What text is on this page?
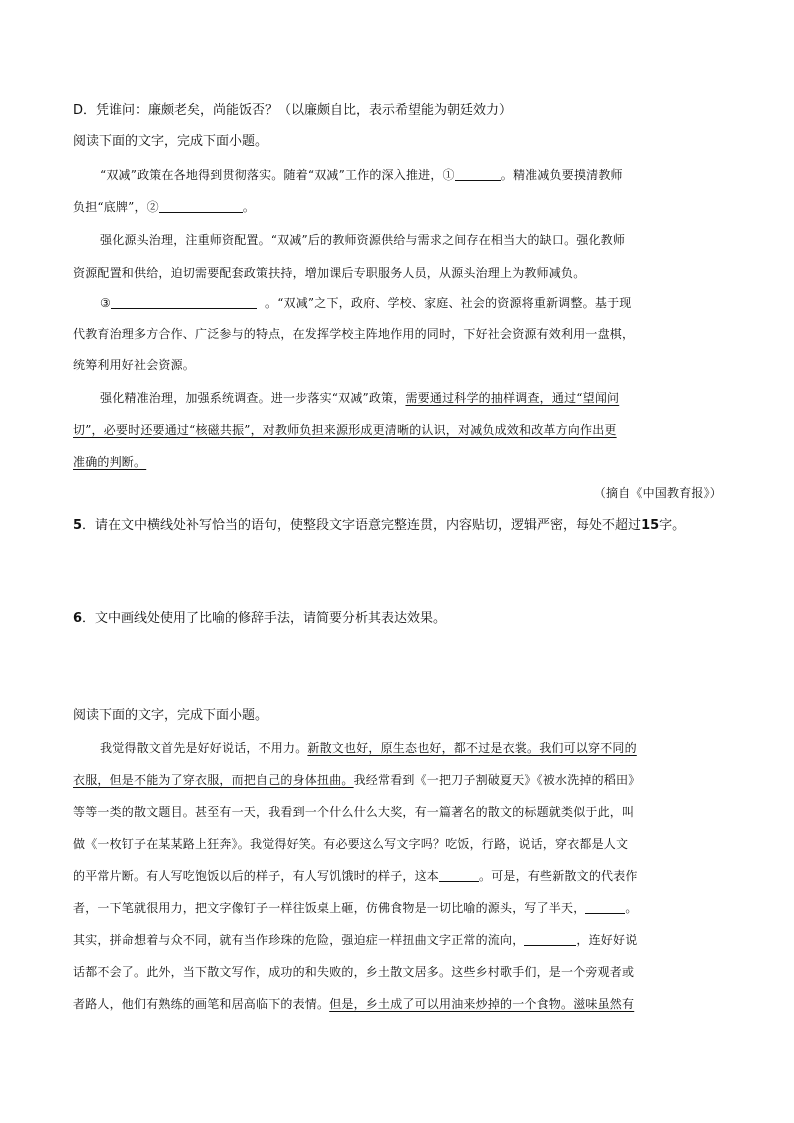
D．凭谁问：廉颇老矣，尚能饭否？（以廉颇自比，表示希望能为朝廷效力）
阅读下面的文字，完成下面小题。
“双减”政策在各地得到贯彻落实。随着“双减”工作的深入推进，①	。精准减负要摸清教师
负担“底牌”，②	。
强化源头治理，注重师资配置。“双减”后的教师资源供给与需求之间存在相当大的缺口。强化教师
资源配置和供给，迫切需要配套政策扶持，增加课后专职服务人员，从源头治理上为教师减负。
③	。“双减”之下，政府、学校、家庭、社会的资源将重新调整。基于现
代教育治理多方合作、广泛参与的特点，在发挥学校主阵地作用的同时，下好社会资源有效利用一盘棋，
统筹利用好社会资源。
强化精准治理，加强系统调查。进一步落实“双减”政策，需要通过科学的抽样调查，通过“望闻问
切”，必要时还要通过“核磁共振”，对教师负担来源形成更清晰的认识，对减负成效和改革方向作出更
准确的判断。
（摘自《中国教育报》）
5．请在文中横线处补写恰当的语句，使整段文字语意完整连贯，内容贴切，逻辑严密，每处不超过15字。
6．文中画线处使用了比喻的修辞手法，请简要分析其表达效果。
阅读下面的文字，完成下面小题。
我觉得散文首先是好好说话，不用力。新散文也好，原生态也好，都不过是衣裳。我们可以穿不同的
衣服，但是不能为了穿衣服，而把自己的身体扭曲。我经常看到《一把刀子割破夏天》《被水洗掉的稻田》
等等一类的散文题目。甚至有一天，我看到一个什么什么大奖，有一篇著名的散文的标题就类似于此，叫
做《一枚钉子在某某路上狂奔》。我觉得好笑。有必要这么写文字吗？吃饭，行路，说话，穿衣都是人文
的平常片断。有人写吃饱饭以后的样子，有人写饥饿时的样子，这本	。可是，有些新散文的代表作
者，一下笔就很用力，把文字像钉子一样往饭桌上砸，仿佛食物是一切比喻的源头，写了半天，	。
其实，拼命想着与众不同，就有当作珍珠的危险，强迫症一样扭曲文字正常的流向，	，连好好说
话都不会了。此外，当下散文写作，成功的和失败的，乡土散文居多。这些乡村歌手们，是一个旁观者或
者路人，他们有熟练的画笔和居高临下的表情。但是，乡土成了可以用油来炒掉的一个食物。滋味虽然有
